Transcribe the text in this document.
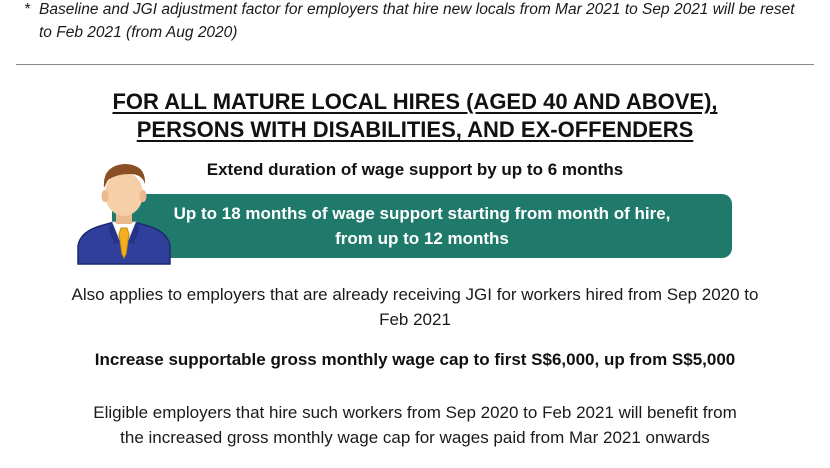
* Baseline and JGI adjustment factor for employers that hire new locals from Mar 2021 to Sep 2021 will be reset to Feb 2021 (from Aug 2020)
FOR ALL MATURE LOCAL HIRES (AGED 40 AND ABOVE),
PERSONS WITH DISABILITIES, AND EX-OFFENDERS
Extend duration of wage support by up to 6 months
Up to 18 months of wage support starting from month of hire,
from up to 12 months
Also applies to employers that are already receiving JGI for workers hired from Sep 2020 to Feb 2021
Increase supportable gross monthly wage cap to first S$6,000, up from S$5,000
Eligible employers that hire such workers from Sep 2020 to Feb 2021 will benefit from the increased gross monthly wage cap for wages paid from Mar 2021 onwards
